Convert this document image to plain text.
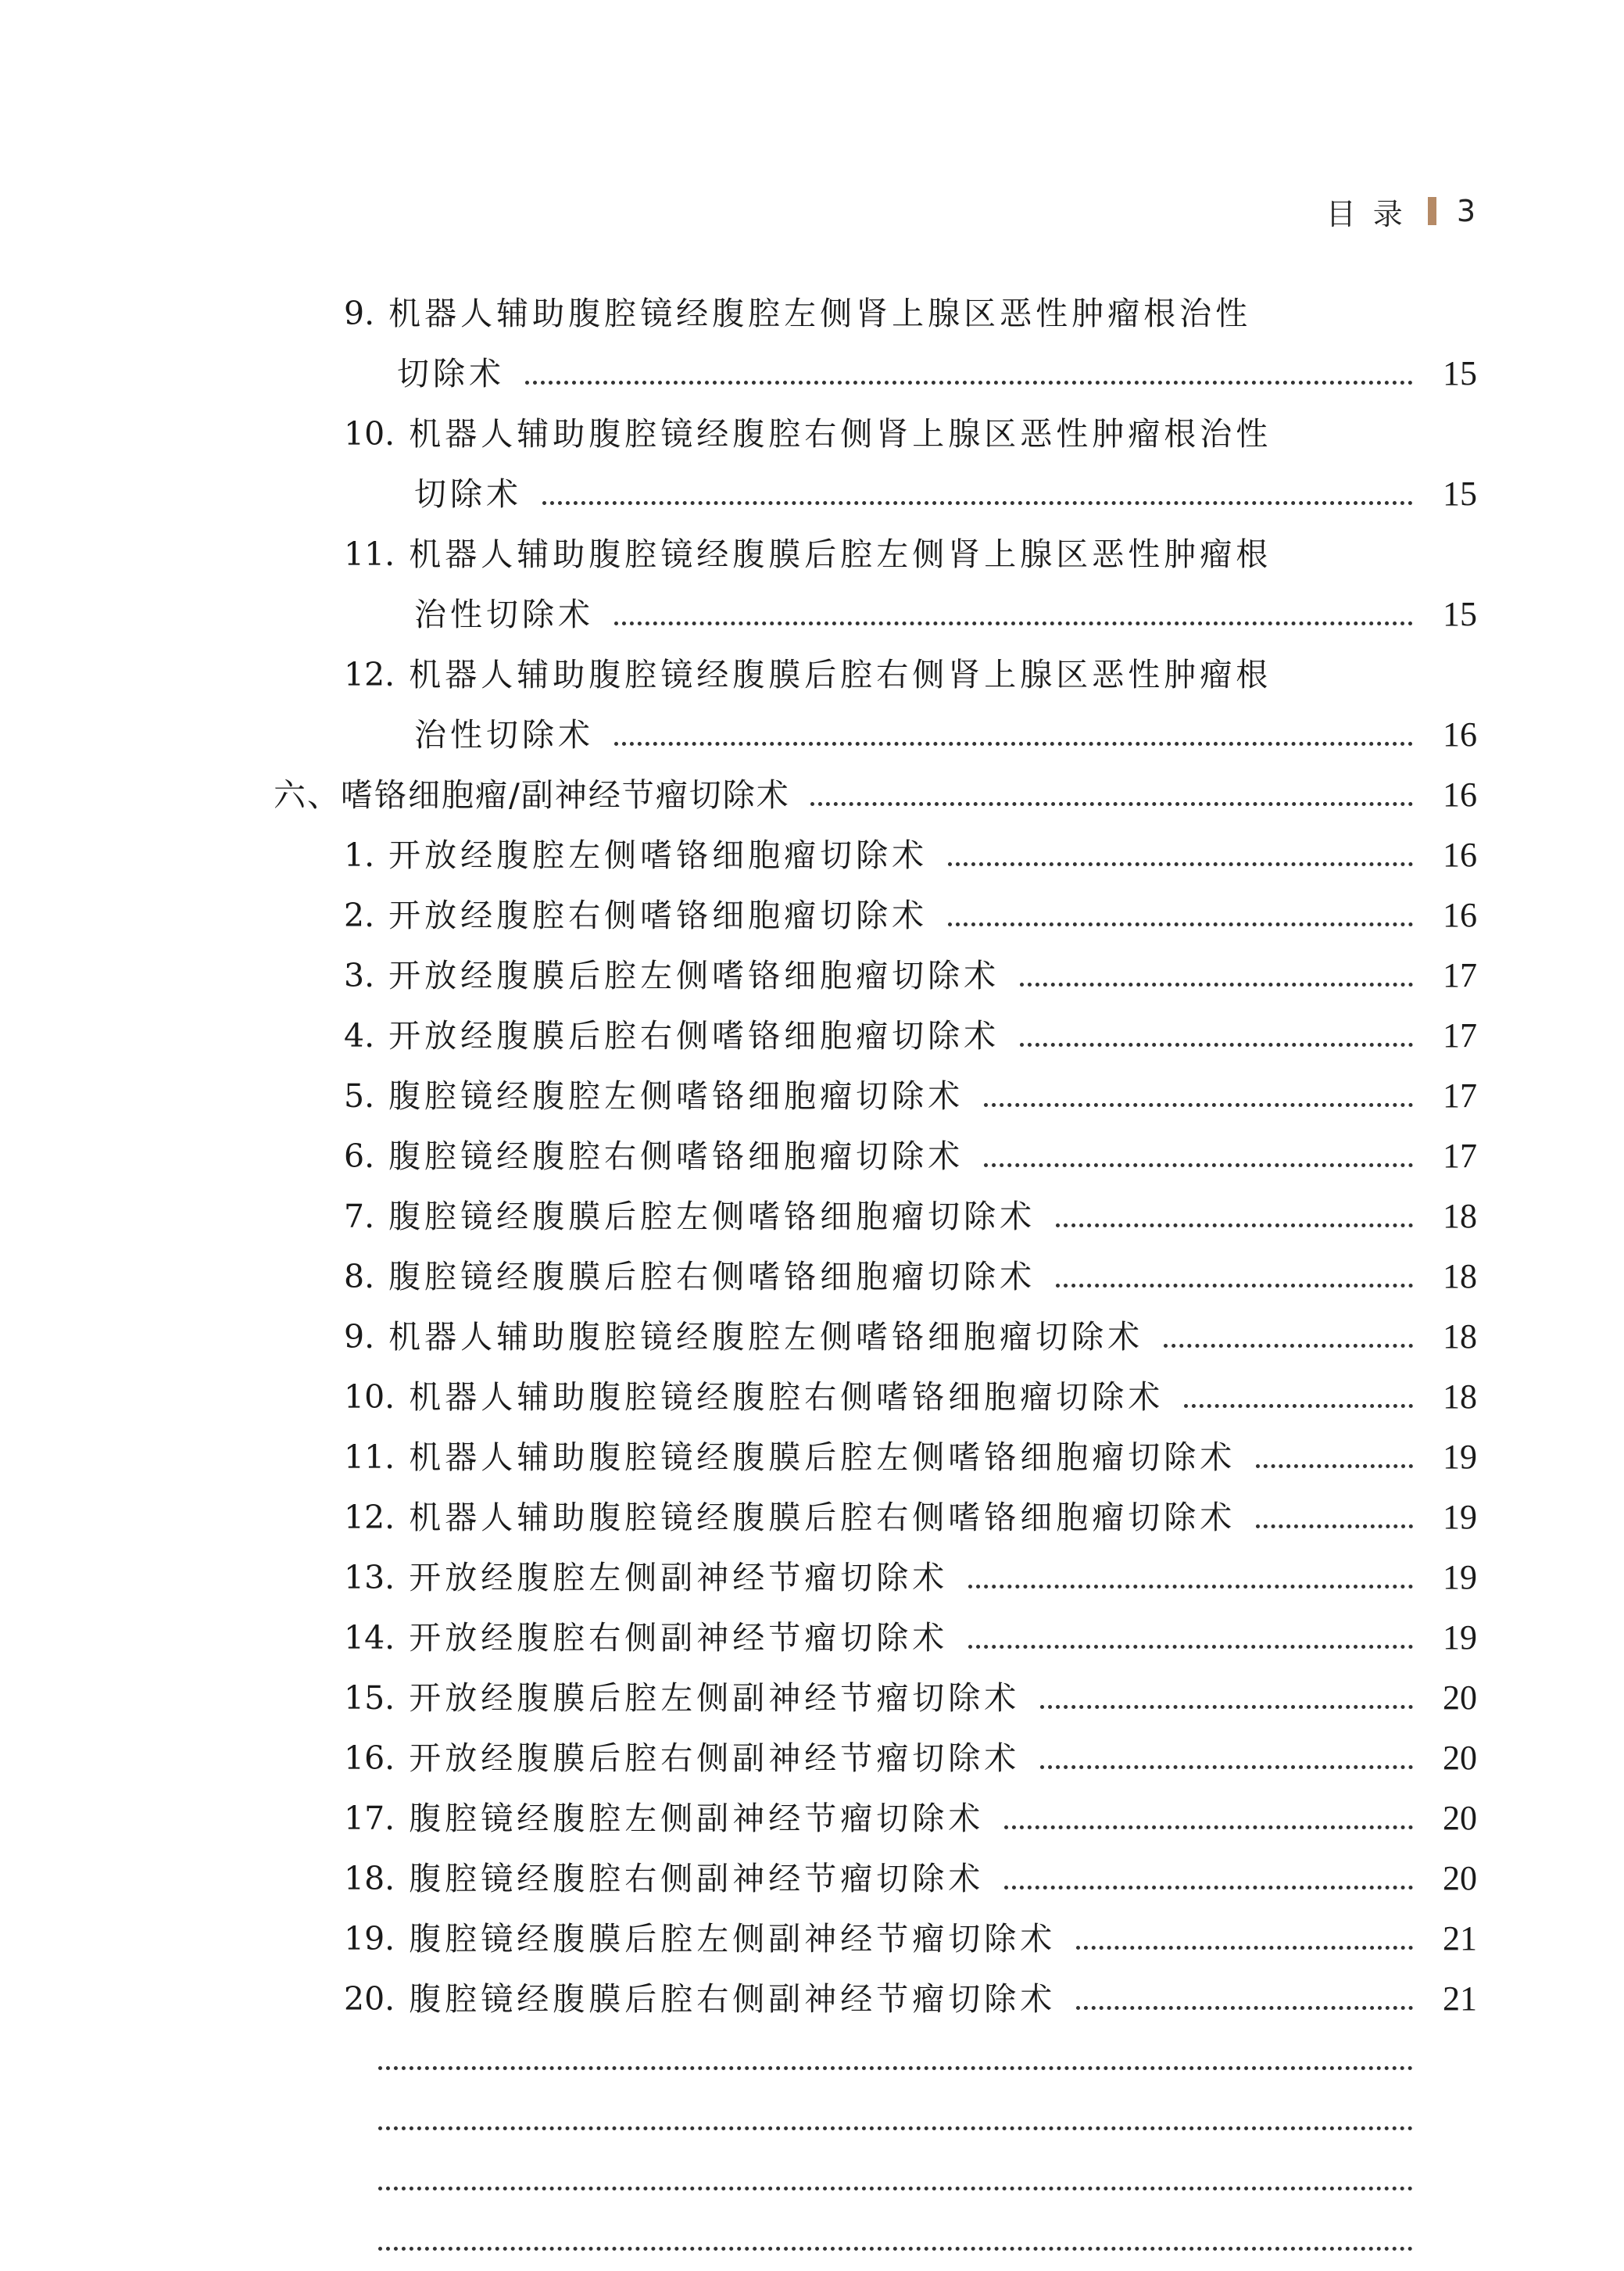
目录 3
9. 机器人辅助腹腔镜经腹腔左侧肾上腺区恶性肿瘤根治性
切除术	15
10. 机器人辅助腹腔镜经腹腔右侧肾上腺区恶性肿瘤根治性
切除术	15
11. 机器人辅助腹腔镜经腹膜后腔左侧肾上腺区恶性肿瘤根
治性切除术	15
12. 机器人辅助腹腔镜经腹膜后腔右侧肾上腺区恶性肿瘤根
治性切除术	16
六、嗜铬细胞瘤/副神经节瘤切除术	16
1. 开放经腹腔左侧嗜铬细胞瘤切除术	16
2. 开放经腹腔右侧嗜铬细胞瘤切除术	16
3. 开放经腹膜后腔左侧嗜铬细胞瘤切除术	17
4. 开放经腹膜后腔右侧嗜铬细胞瘤切除术	17
5. 腹腔镜经腹腔左侧嗜铬细胞瘤切除术	17
6. 腹腔镜经腹腔右侧嗜铬细胞瘤切除术	17
7. 腹腔镜经腹膜后腔左侧嗜铬细胞瘤切除术	18
8. 腹腔镜经腹膜后腔右侧嗜铬细胞瘤切除术	18
9. 机器人辅助腹腔镜经腹腔左侧嗜铬细胞瘤切除术	18
10. 机器人辅助腹腔镜经腹腔右侧嗜铬细胞瘤切除术	18
11. 机器人辅助腹腔镜经腹膜后腔左侧嗜铬细胞瘤切除术	19
12. 机器人辅助腹腔镜经腹膜后腔右侧嗜铬细胞瘤切除术	19
13. 开放经腹腔左侧副神经节瘤切除术	19
14. 开放经腹腔右侧副神经节瘤切除术	19
15. 开放经腹膜后腔左侧副神经节瘤切除术	20
16. 开放经腹膜后腔右侧副神经节瘤切除术	20
17. 腹腔镜经腹腔左侧副神经节瘤切除术	20
18. 腹腔镜经腹腔右侧副神经节瘤切除术	20
19. 腹腔镜经腹膜后腔左侧副神经节瘤切除术	21
20. 腹腔镜经腹膜后腔右侧副神经节瘤切除术	21
